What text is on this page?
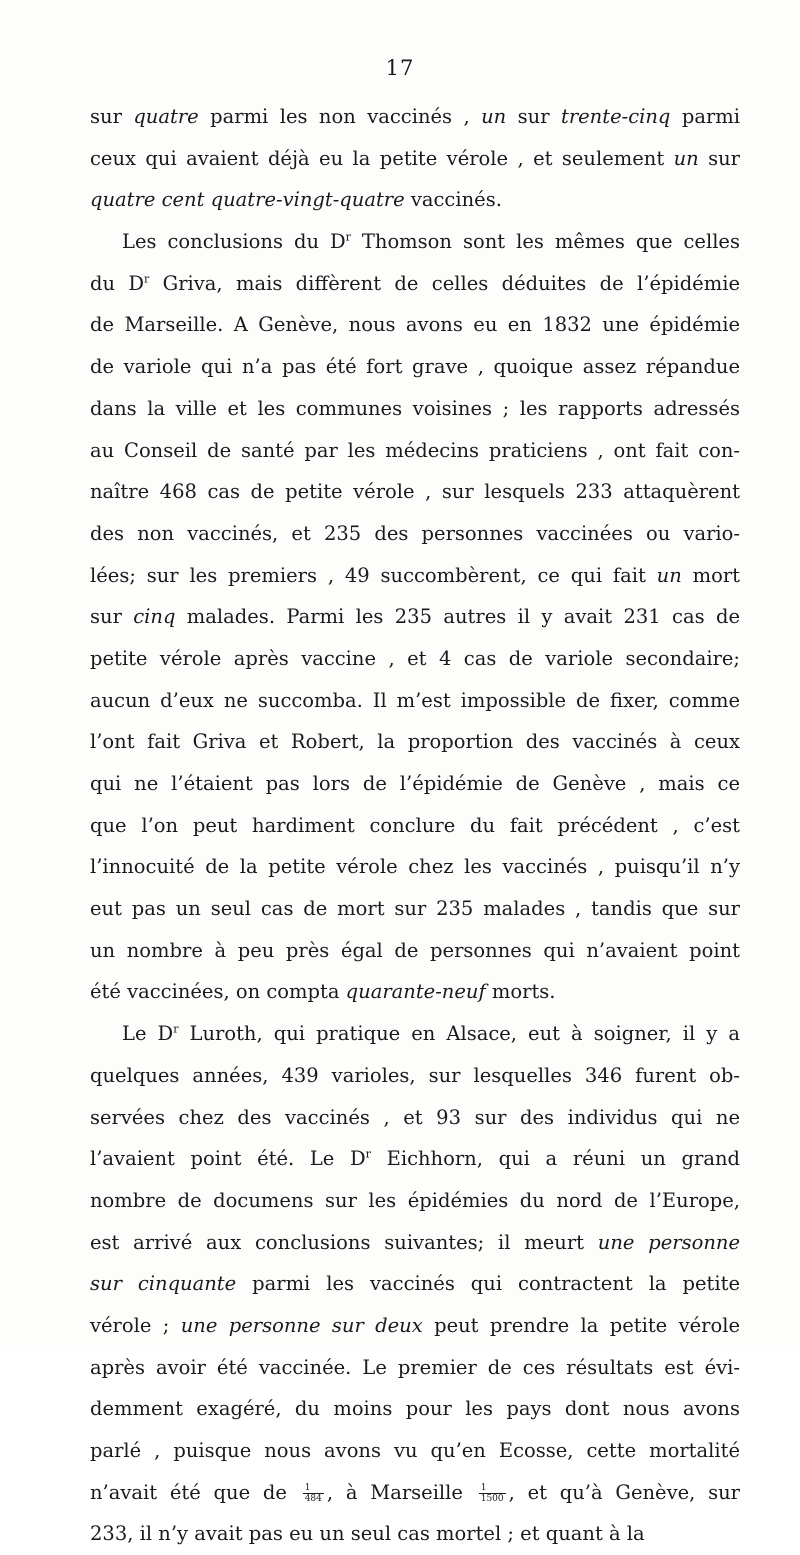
17
sur quatre parmi les non vaccinés , un sur trente-cinq parmi
ceux qui avaient déjà eu la petite vérole , et seulement un sur
quatre cent quatre-vingt-quatre vaccinés.
Les conclusions du $D^r$ Thomson sont les mêmes que celles
du $D^r$ Griva, mais diffèrent de celles déduites de l’épidémie
de Marseille. A Genève, nous avons eu en 1832 une épidémie
de variole qui n’a pas été fort grave , quoique assez répandue
dans la ville et les communes voisines ; les rapports adressés
au Conseil de santé par les médecins praticiens , ont fait con-
naître 468 cas de petite vérole , sur lesquels 233 attaquèrent
des non vaccinés, et 235 des personnes vaccinées ou vario-
lées; sur les premiers , 49 succombèrent, ce qui fait un mort
sur cinq malades. Parmi les 235 autres il y avait 231 cas de
petite vérole après vaccine , et 4 cas de variole secondaire;
aucun d’eux ne succomba. Il m’est impossible de fixer, comme
l’ont fait Griva et Robert, la proportion des vaccinés à ceux
qui ne l’étaient pas lors de l’épidémie de Genève , mais ce
que l’on peut hardiment conclure du fait précédent , c’est
l’innocuité de la petite vérole chez les vaccinés , puisqu’il n’y
eut pas un seul cas de mort sur 235 malades , tandis que sur
un nombre à peu près égal de personnes qui n’avaient point
été vaccinées, on compta quarante-neuf morts.
Le $D^r$ Luroth, qui pratique en Alsace, eut à soigner, il y a
quelques années, 439 varioles, sur lesquelles 346 furent ob-
servées chez des vaccinés , et 93 sur des individus qui ne
l’avaient point été. Le $D^r$ Eichhorn, qui a réuni un grand
nombre de documens sur les épidémies du nord de l’Europe,
est arrivé aux conclusions suivantes; il meurt une personne
sur cinquante parmi les vaccinés qui contractent la petite
vérole ; une personne sur deux peut prendre la petite vérole
après avoir été vaccinée. Le premier de ces résultats est évi-
demment exagéré, du moins pour les pays dont nous avons
parlé , puisque nous avons vu qu’en Ecosse, cette mortalité
n’avait été que de $\frac{1}{484}$ , à Marseille $\frac{1}{1500}$ , et qu’à Genève, sur
233, il n’y avait pas eu un seul cas mortel ; et quant à la
